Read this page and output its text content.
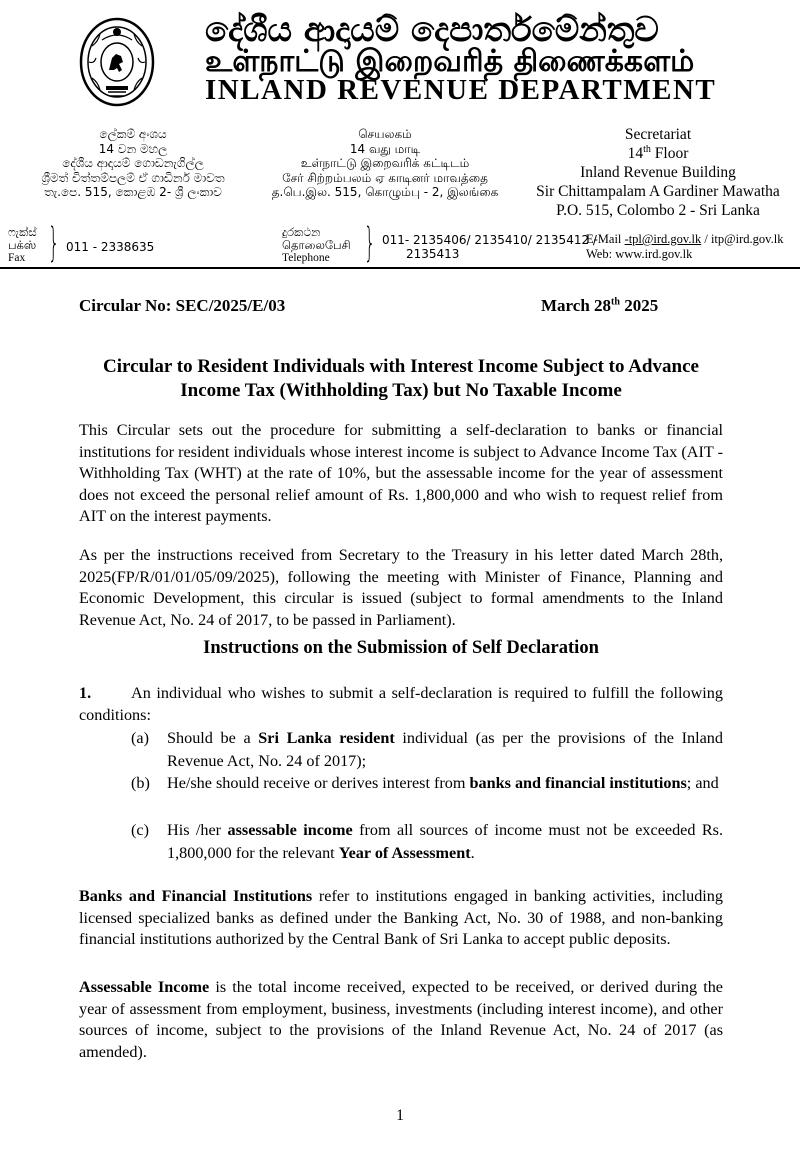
දේශීය ආදායම් දෙපාර්තමේන්තුව
உள்நாட்டு இறைவரித் திணைக்களம்
INLAND REVENUE DEPARTMENT
ලේකම් අංශය
14 වන මහල
දේශීය ආදායම් ගොඩනැගිල්ල
ශ්‍රීමත් චිත්තම්පලම් ඒ ගාඩිනර් මාවත
තැ.පෙ. 515, කොළඹ 2- ශ්‍රී ලංකාව
செயலகம்
14 வது மாடி
உள்நாட்டு இறைவரிக் கட்டிடம்
சேர் சிற்றம்பலம் ஏ காடினர் மாவத்தை
த.பெ.இல. 515, கொழும்பு - 2, இலங்கை
Secretariat
14th Floor
Inland Revenue Building
Sir Chittampalam A Gardiner Mawatha
P.O. 515, Colombo 2 - Sri Lanka
ෆැක්ස්
பக்ஸ்
Fax } 011 - 2338635
දුරකථන
தொலைபேசி
Telephone } 011- 2135406/ 2135410/ 2135412 /
2135413
E-Mail -tpl@ird.gov.lk / itp@ird.gov.lk
Web: www.ird.gov.lk
Circular No: SEC/2025/E/03	March 28th 2025
Circular to Resident Individuals with Interest Income Subject to Advance Income Tax (Withholding Tax) but No Taxable Income
This Circular sets out the procedure for submitting a self-declaration to banks or financial institutions for resident individuals whose interest income is subject to Advance Income Tax (AIT - Withholding Tax (WHT) at the rate of 10%, but the assessable income for the year of assessment does not exceed the personal relief amount of Rs. 1,800,000 and who wish to request relief from AIT on the interest payments.
As per the instructions received from Secretary to the Treasury in his letter dated March 28th, 2025(FP/R/01/01/05/09/2025), following the meeting with Minister of Finance, Planning and Economic Development, this circular is issued (subject to formal amendments to the Inland Revenue Act, No. 24 of 2017, to be passed in Parliament).
Instructions on the Submission of Self Declaration
1. An individual who wishes to submit a self-declaration is required to fulfill the following conditions:
(a) Should be a Sri Lanka resident individual (as per the provisions of the Inland Revenue Act, No. 24 of 2017);
(b) He/she should receive or derives interest from banks and financial institutions; and
(c) His /her assessable income from all sources of income must not be exceeded Rs. 1,800,000 for the relevant Year of Assessment.
Banks and Financial Institutions refer to institutions engaged in banking activities, including licensed specialized banks as defined under the Banking Act, No. 30 of 1988, and non-banking financial institutions authorized by the Central Bank of Sri Lanka to accept public deposits.
Assessable Income is the total income received, expected to be received, or derived during the year of assessment from employment, business, investments (including interest income), and other sources of income, subject to the provisions of the Inland Revenue Act, No. 24 of 2017 (as amended).
1
